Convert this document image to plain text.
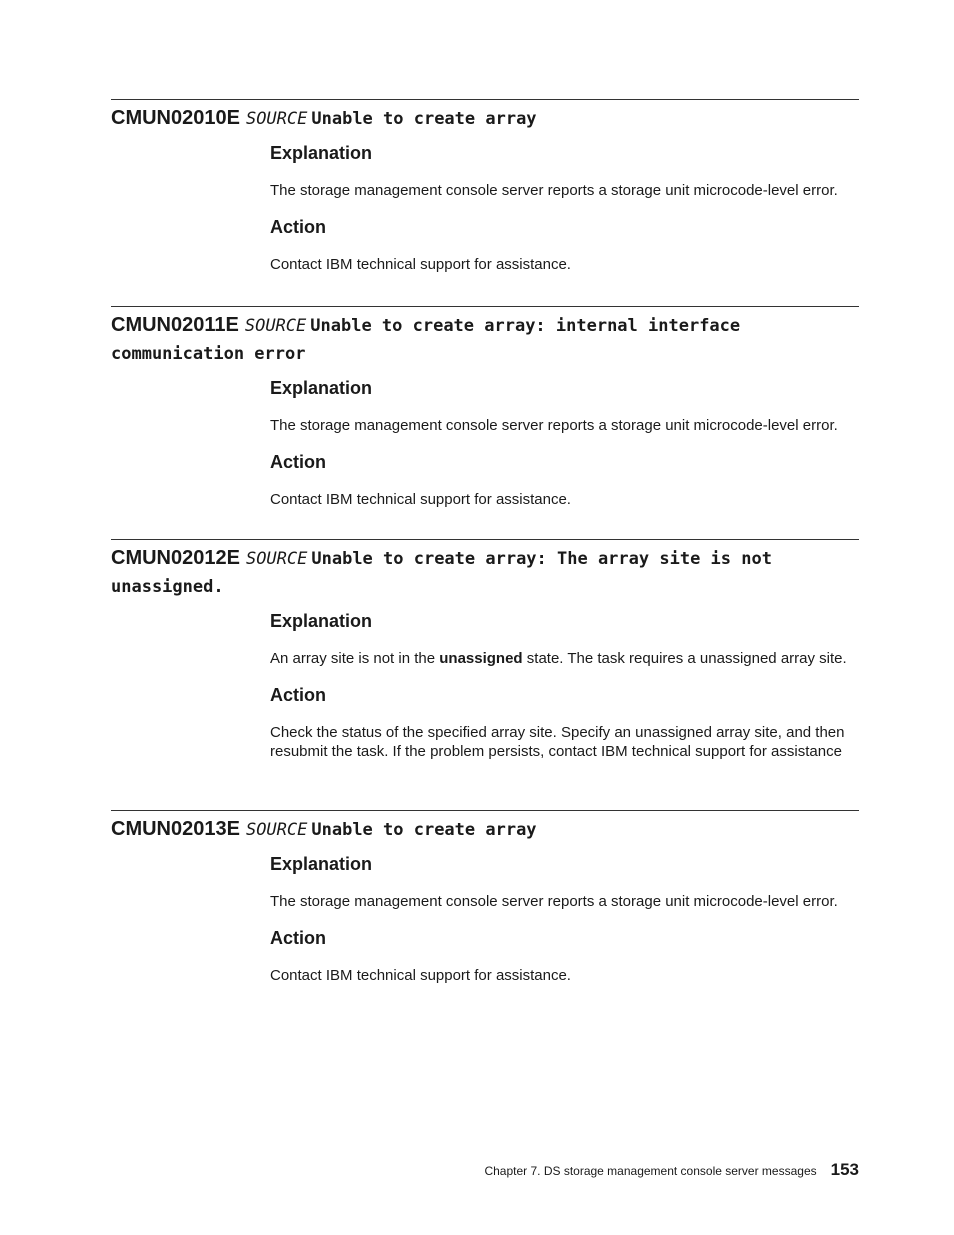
CMUN02010E SOURCE Unable to create array
Explanation
The storage management console server reports a storage unit microcode-level error.
Action
Contact IBM technical support for assistance.
CMUN02011E SOURCE Unable to create array: internal interface communication error
Explanation
The storage management console server reports a storage unit microcode-level error.
Action
Contact IBM technical support for assistance.
CMUN02012E SOURCE Unable to create array: The array site is not unassigned.
Explanation
An array site is not in the unassigned state. The task requires a unassigned array site.
Action
Check the status of the specified array site. Specify an unassigned array site, and then resubmit the task. If the problem persists, contact IBM technical support for assistance
CMUN02013E SOURCE Unable to create array
Explanation
The storage management console server reports a storage unit microcode-level error.
Action
Contact IBM technical support for assistance.
Chapter 7. DS storage management console server messages 153
